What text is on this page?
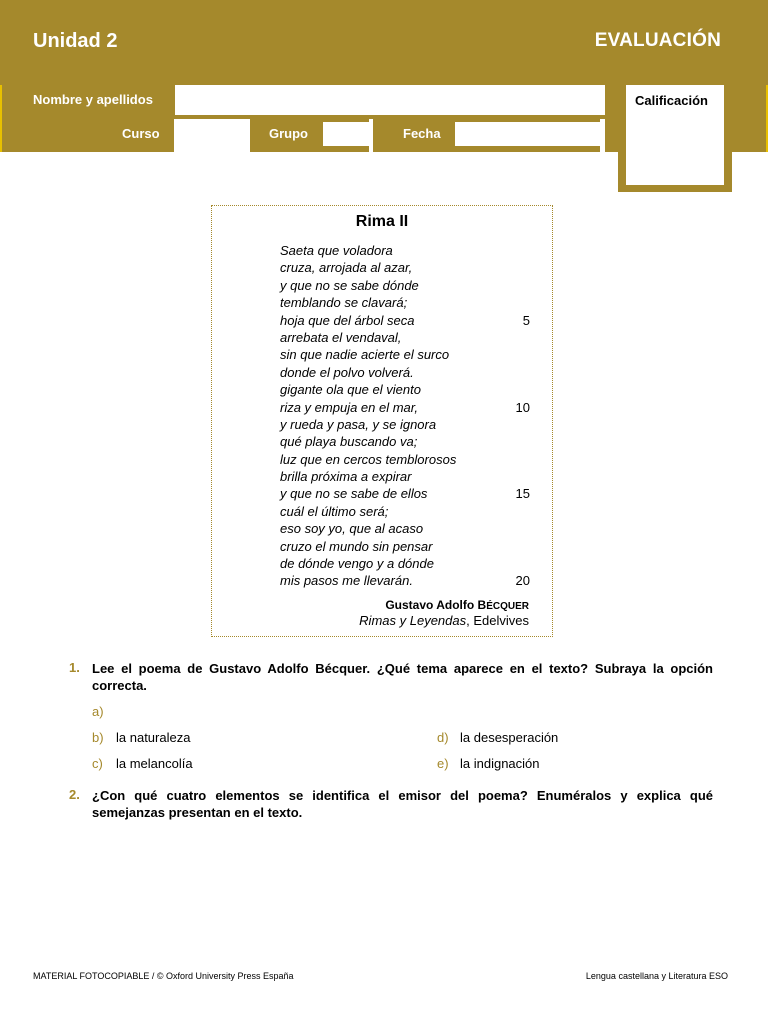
Unidad 2	EVALUACIÓN
Nombre y apellidos
Curso	Grupo	Fecha
Calificación
Rima II
Saeta que voladora
cruza, arrojada al azar,
y que no se sabe dónde
temblando se clavará;
hoja que del árbol seca	5
arrebata el vendaval,
sin que nadie acierte el surco
donde el polvo volverá.
gigante ola que el viento
riza y empuja en el mar,	10
y rueda y pasa, y se ignora
qué playa buscando va;
luz que en cercos temblorosos
brilla próxima a expirar
y que no se sabe de ellos	15
cuál el último será;
eso soy yo, que al acaso
cruzo el mundo sin pensar
de dónde vengo y a dónde
mis pasos me llevarán.	20
Gustavo Adolfo BÉCQUER
Rimas y Leyendas, Edelvives
1. Lee el poema de Gustavo Adolfo Bécquer. ¿Qué tema aparece en el texto? Subraya la opción correcta.
a)
b) la naturaleza
c) la melancolía
d) la desesperación
e) la indignación
2. ¿Con qué cuatro elementos se identifica el emisor del poema? Enuméralos y explica qué semejanzas presentan en el texto.
MATERIAL FOTOCOPIABLE / © Oxford University Press España	Lengua castellana y Literatura ESO
